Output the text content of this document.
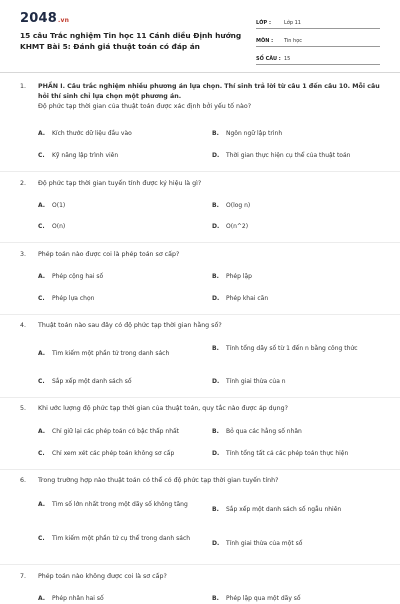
2048.vn
15 câu Trắc nghiệm Tin học 11 Cánh diều Định hướng
KHMT Bài 5: Đánh giá thuật toán có đáp án
LỚP :	Lớp 11
MÔN :	Tin học
SỐ CÂU : 15
1.	PHẦN I. Câu trắc nghiệm nhiều phương án lựa chọn. Thí sinh trả lời từ câu 1 đến câu 10. Mỗi câu hỏi thí sinh chỉ lựa chọn một phương án.
Độ phức tạp thời gian của thuật toán được xác định bởi yếu tố nào?
A.	Kích thước dữ liệu đầu vào	B.	Ngôn ngữ lập trình
C.	Kỹ năng lập trình viên	D.	Thời gian thực hiện cụ thể của thuật toán
2.	Độ phức tạp thời gian tuyến tính được ký hiệu là gì?
A.	O(1)	B.	O(log n)
C.	O(n)	D.	O(n^2)
3.	Phép toán nào được coi là phép toán sơ cấp?
A.	Phép cộng hai số	B.	Phép lặp
C.	Phép lựa chọn	D.	Phép khai căn
4.	Thuật toán nào sau đây có độ phức tạp thời gian hằng số?
A.	Tìm kiếm một phần tử trong danh sách
B.	Tính tổng dãy số từ 1 đến n bằng công thức
C.	Sắp xếp một danh sách số	D.	Tính giai thừa của n
5.	Khi ước lượng độ phức tạp thời gian của thuật toán, quy tắc nào được áp dụng?
A.	Chỉ giữ lại các phép toán có bậc thấp nhất	B.	Bỏ qua các hằng số nhân
C.	Chỉ xem xét các phép toán không sơ cấp	D.	Tính tổng tất cả các phép toán thực hiện
6.	Trong trường hợp nào thuật toán có thể có độ phức tạp thời gian tuyến tính?
A.	Tìm số lớn nhất trong một dãy số không tăng
B.	Sắp xếp một danh sách số ngẫu nhiên
C.	Tìm kiếm một phần tử cụ thể trong danh sách
D.	Tính giai thừa của một số
7.	Phép toán nào không được coi là sơ cấp?
A.	Phép nhân hai số	B.	Phép lặp qua một dãy số
